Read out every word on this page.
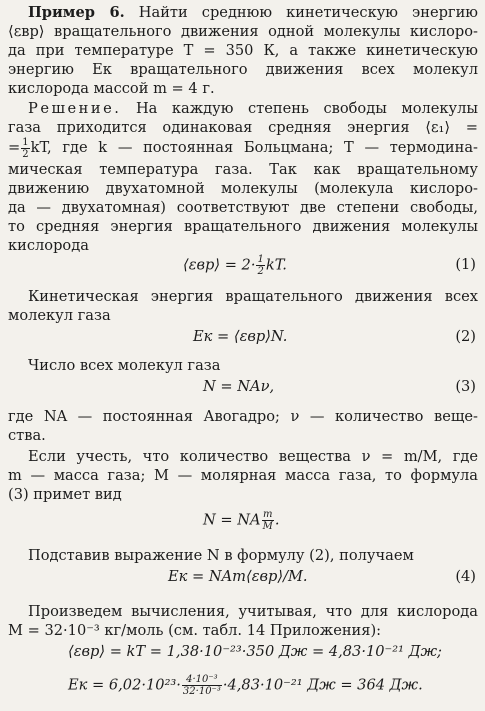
Пример 6. Найти среднюю кинетическую энергию
⟨εвр⟩ вращательного движения одной молекулы кислоро-
да при температуре T = 350 К, а также кинетическую
энергию Eк вращательного движения всех молекул
кислорода массой m = 4 г.
Решение. На каждую степень свободы молекулы
газа приходится одинаковая средняя энергия ⟨ε₁⟩ =
= $\frac{1}{2}$ kT, где k — постоянная Больцмана; T — термодина-
мическая температура газа. Так как вращательному
движению двухатомной молекулы (молекула кислоро-
да — двухатомная) соответствуют две степени свободы,
то средняя энергия вращательного движения молекулы
кислорода
⟨εвр⟩ = $2\cdot \frac{1}{2}$ kT.	(1)
Кинетическая энергия вращательного движения всех
молекул газа
Eк = ⟨εвр⟩N.	(2)
Число всех молекул газа
N = NAν,	(3)
где NA — постоянная Авогадро; ν — количество веще-
ства.
Если учесть, что количество вещества ν = m/M, где
m — масса газа; M — молярная масса газа, то формула
(3) примет вид
N = NA $\frac{m}{M}$ .
Подставив выражение N в формулу (2), получаем
Eк = NAm⟨εвр⟩/M.	(4)
Произведем вычисления, учитывая, что для кислорода
M = 32·10⁻³ кг/моль (см. табл. 14 Приложения):
⟨εвр⟩ = kT = 1,38·10⁻²³·350 Дж = 4,83·10⁻²¹ Дж;
Eк = $6,02\cdot 10^{23}\cdot \frac{\text{4·10⁻³}}{\text{32·10⁻³}} \cdot 4,83\cdot 10^{-21}$ Дж = 364 Дж.
